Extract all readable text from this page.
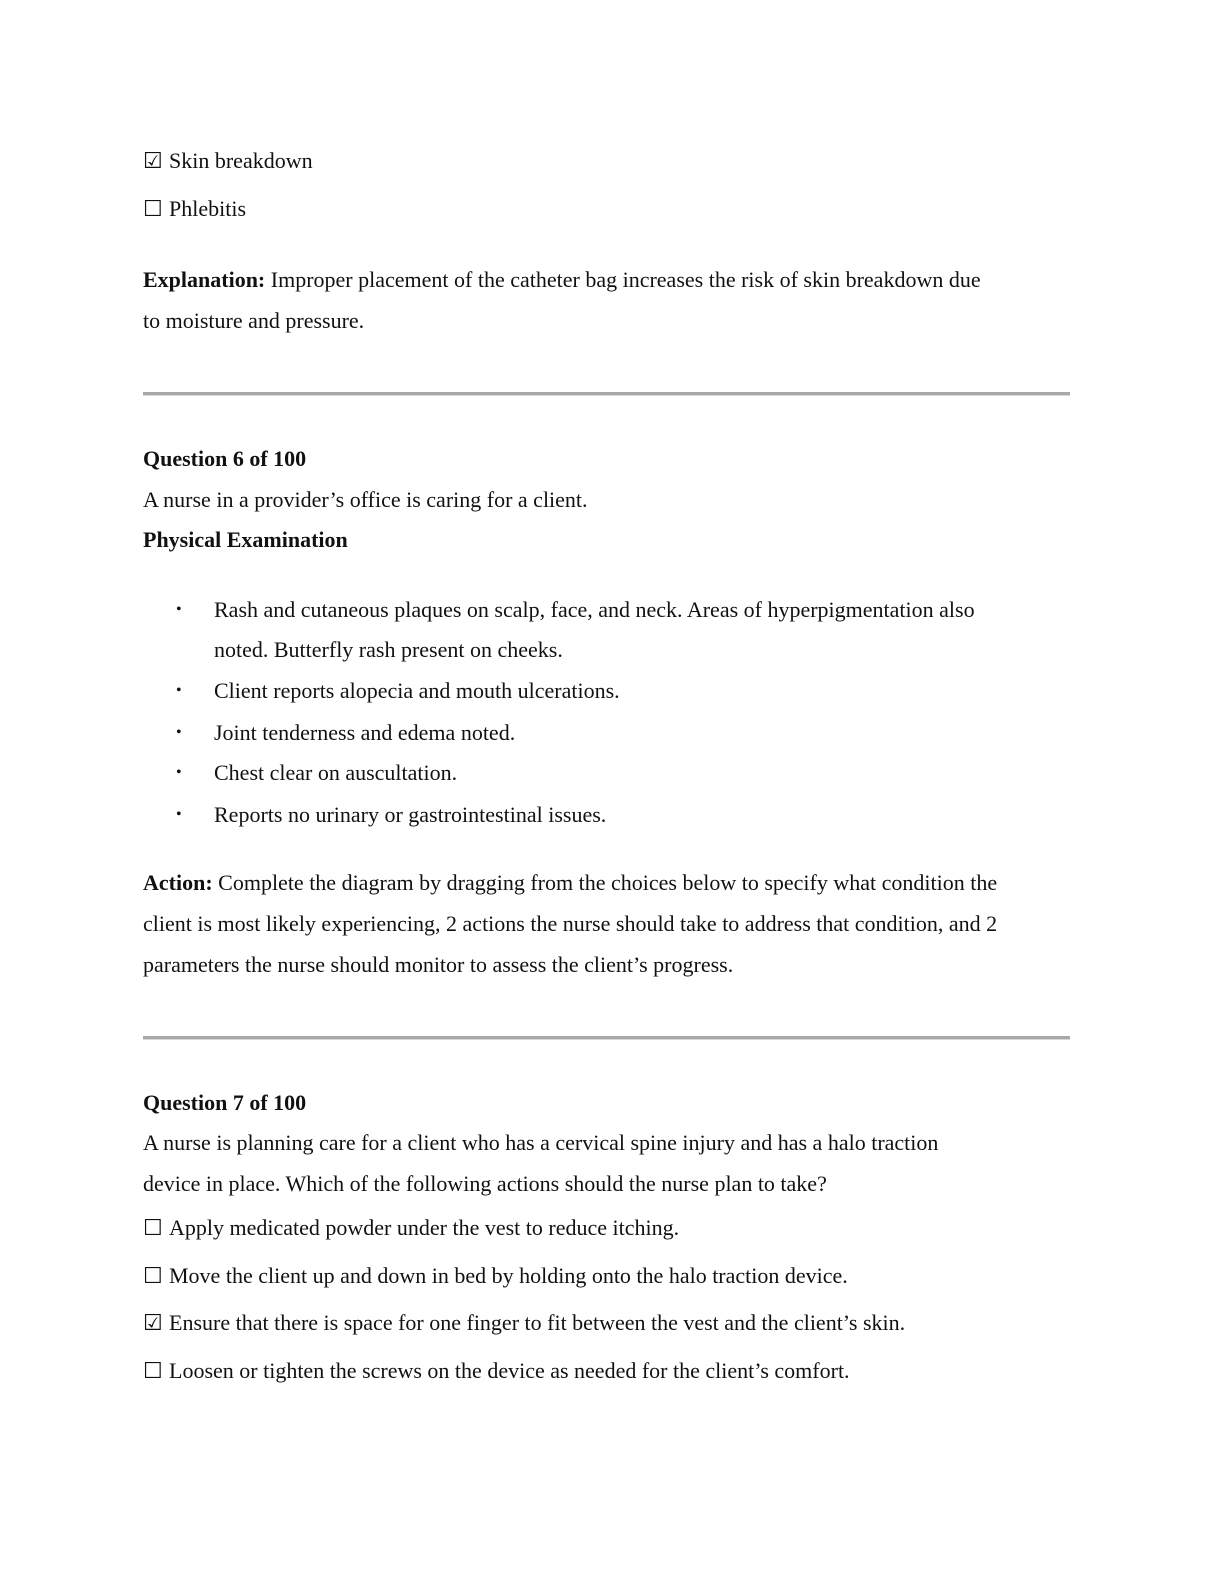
☑ Skin breakdown
☐ Phlebitis
Explanation: Improper placement of the catheter bag increases the risk of skin breakdown due
to moisture and pressure.
Question 6 of 100
A nurse in a provider’s office is caring for a client.
Physical Examination
• Rash and cutaneous plaques on scalp, face, and neck. Areas of hyperpigmentation also
noted. Butterfly rash present on cheeks.
• Client reports alopecia and mouth ulcerations.
• Joint tenderness and edema noted.
• Chest clear on auscultation.
• Reports no urinary or gastrointestinal issues.
Action: Complete the diagram by dragging from the choices below to specify what condition the
client is most likely experiencing, 2 actions the nurse should take to address that condition, and 2
parameters the nurse should monitor to assess the client’s progress.
Question 7 of 100
A nurse is planning care for a client who has a cervical spine injury and has a halo traction
device in place. Which of the following actions should the nurse plan to take?
☐ Apply medicated powder under the vest to reduce itching.
☐ Move the client up and down in bed by holding onto the halo traction device.
☑ Ensure that there is space for one finger to fit between the vest and the client’s skin.
☐ Loosen or tighten the screws on the device as needed for the client’s comfort.
